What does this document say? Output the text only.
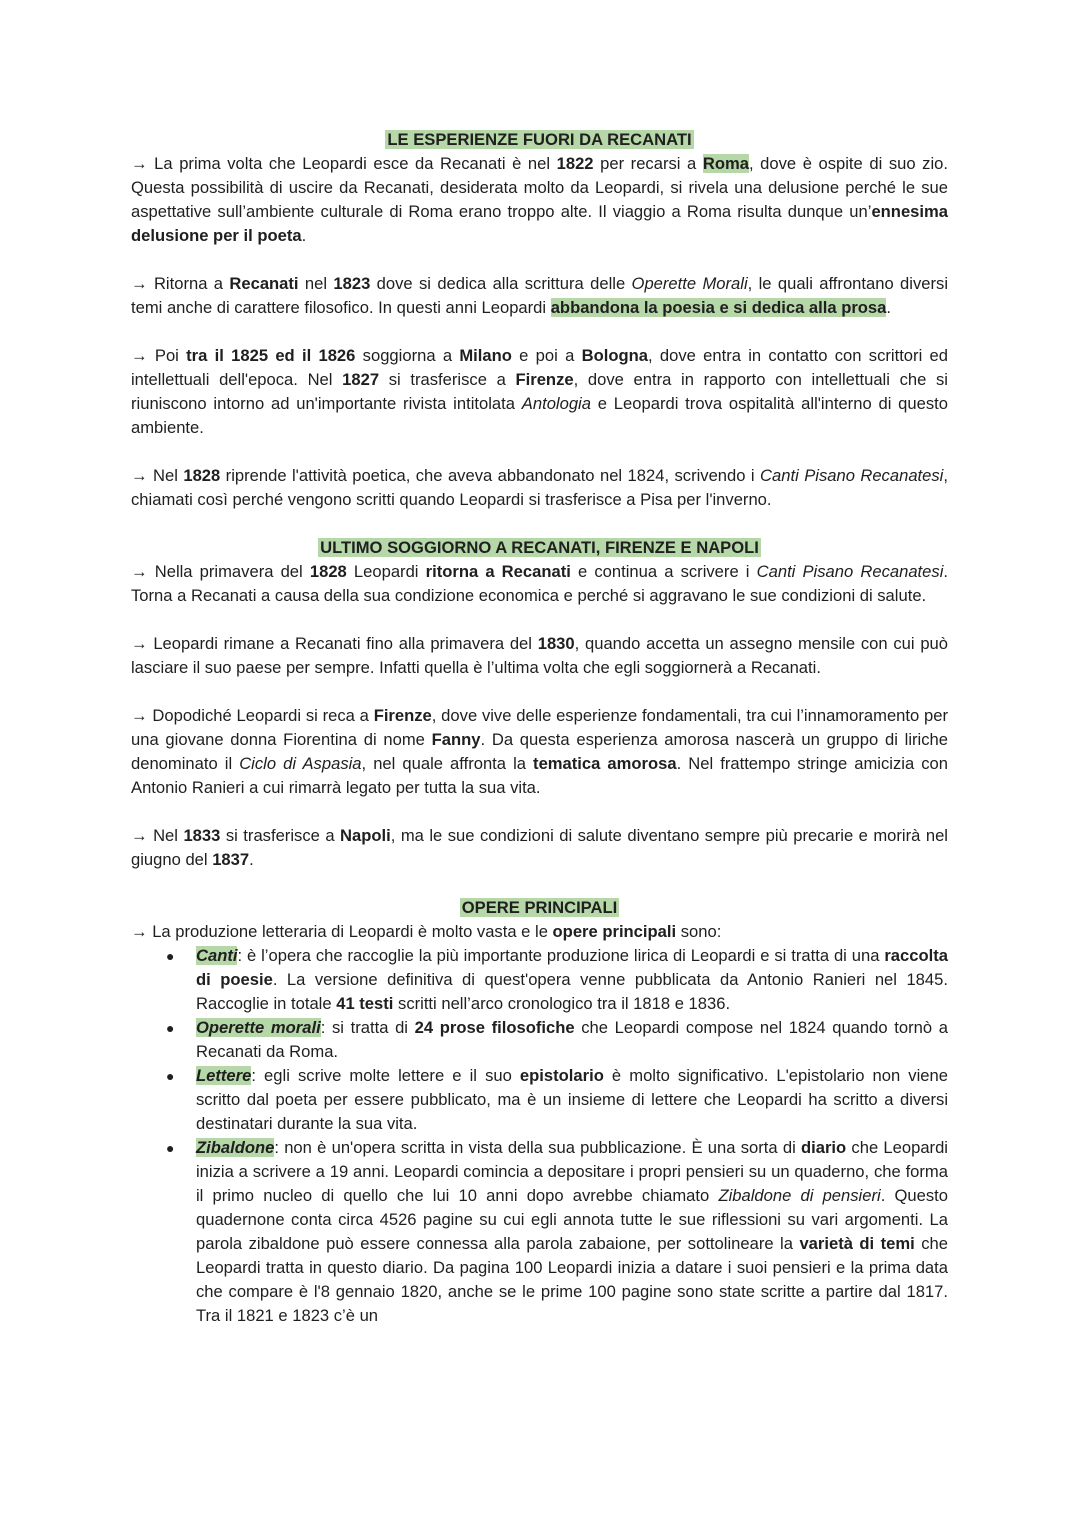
LE ESPERIENZE FUORI DA RECANATI

→ La prima volta che Leopardi esce da Recanati è nel 1822 per recarsi a Roma, dove è ospite di suo zio. Questa possibilità di uscire da Recanati, desiderata molto da Leopardi, si rivela una delusione perché le sue aspettative sull’ambiente culturale di Roma erano troppo alte. Il viaggio a Roma risulta dunque un’ennesima delusione per il poeta.

→ Ritorna a Recanati nel 1823 dove si dedica alla scrittura delle Operette Morali, le quali affrontano diversi temi anche di carattere filosofico. In questi anni Leopardi abbandona la poesia e si dedica alla prosa.

→ Poi tra il 1825 ed il 1826 soggiorna a Milano e poi a Bologna, dove entra in contatto con scrittori ed intellettuali dell'epoca. Nel 1827 si trasferisce a Firenze, dove entra in rapporto con intellettuali che si riuniscono intorno ad un'importante rivista intitolata Antologia e Leopardi trova ospitalità all'interno di questo ambiente.

→ Nel 1828 riprende l'attività poetica, che aveva abbandonato nel 1824, scrivendo i Canti Pisano Recanatesi, chiamati così perché vengono scritti quando Leopardi si trasferisce a Pisa per l'inverno.

ULTIMO SOGGIORNO A RECANATI, FIRENZE E NAPOLI

→ Nella primavera del 1828 Leopardi ritorna a Recanati e continua a scrivere i Canti Pisano Recanatesi. Torna a Recanati a causa della sua condizione economica e perché si aggravano le sue condizioni di salute.

→ Leopardi rimane a Recanati fino alla primavera del 1830, quando accetta un assegno mensile con cui può lasciare il suo paese per sempre. Infatti quella è l’ultima volta che egli soggiornerà a Recanati.

→ Dopodiché Leopardi si reca a Firenze, dove vive delle esperienze fondamentali, tra cui l’innamoramento per una giovane donna Fiorentina di nome Fanny. Da questa esperienza amorosa nascerà un gruppo di liriche denominato il Ciclo di Aspasia, nel quale affronta la tematica amorosa. Nel frattempo stringe amicizia con Antonio Ranieri a cui rimarrà legato per tutta la sua vita.

→ Nel 1833 si trasferisce a Napoli, ma le sue condizioni di salute diventano sempre più precarie e morirà nel giugno del 1837.

OPERE PRINCIPALI

→ La produzione letteraria di Leopardi è molto vasta e le opere principali sono:

● Canti: è l’opera che raccoglie la più importante produzione lirica di Leopardi e si tratta di una raccolta di poesie. La versione definitiva di quest'opera venne pubblicata da Antonio Ranieri nel 1845. Raccoglie in totale 41 testi scritti nell’arco cronologico tra il 1818 e 1836.
● Operette morali: si tratta di 24 prose filosofiche che Leopardi compose nel 1824 quando tornò a Recanati da Roma.
● Lettere: egli scrive molte lettere e il suo epistolario è molto significativo. L'epistolario non viene scritto dal poeta per essere pubblicato, ma è un insieme di lettere che Leopardi ha scritto a diversi destinatari durante la sua vita.
● Zibaldone: non è un'opera scritta in vista della sua pubblicazione. È una sorta di diario che Leopardi inizia a scrivere a 19 anni. Leopardi comincia a depositare i propri pensieri su un quaderno, che forma il primo nucleo di quello che lui 10 anni dopo avrebbe chiamato Zibaldone di pensieri. Questo quadernone conta circa 4526 pagine su cui egli annota tutte le sue riflessioni su vari argomenti. La parola zibaldone può essere connessa alla parola zabaione, per sottolineare la varietà di temi che Leopardi tratta in questo diario. Da pagina 100 Leopardi inizia a datare i suoi pensieri e la prima data che compare è l'8 gennaio 1820, anche se le prime 100 pagine sono state scritte a partire dal 1817. Tra il 1821 e 1823 c’è un
